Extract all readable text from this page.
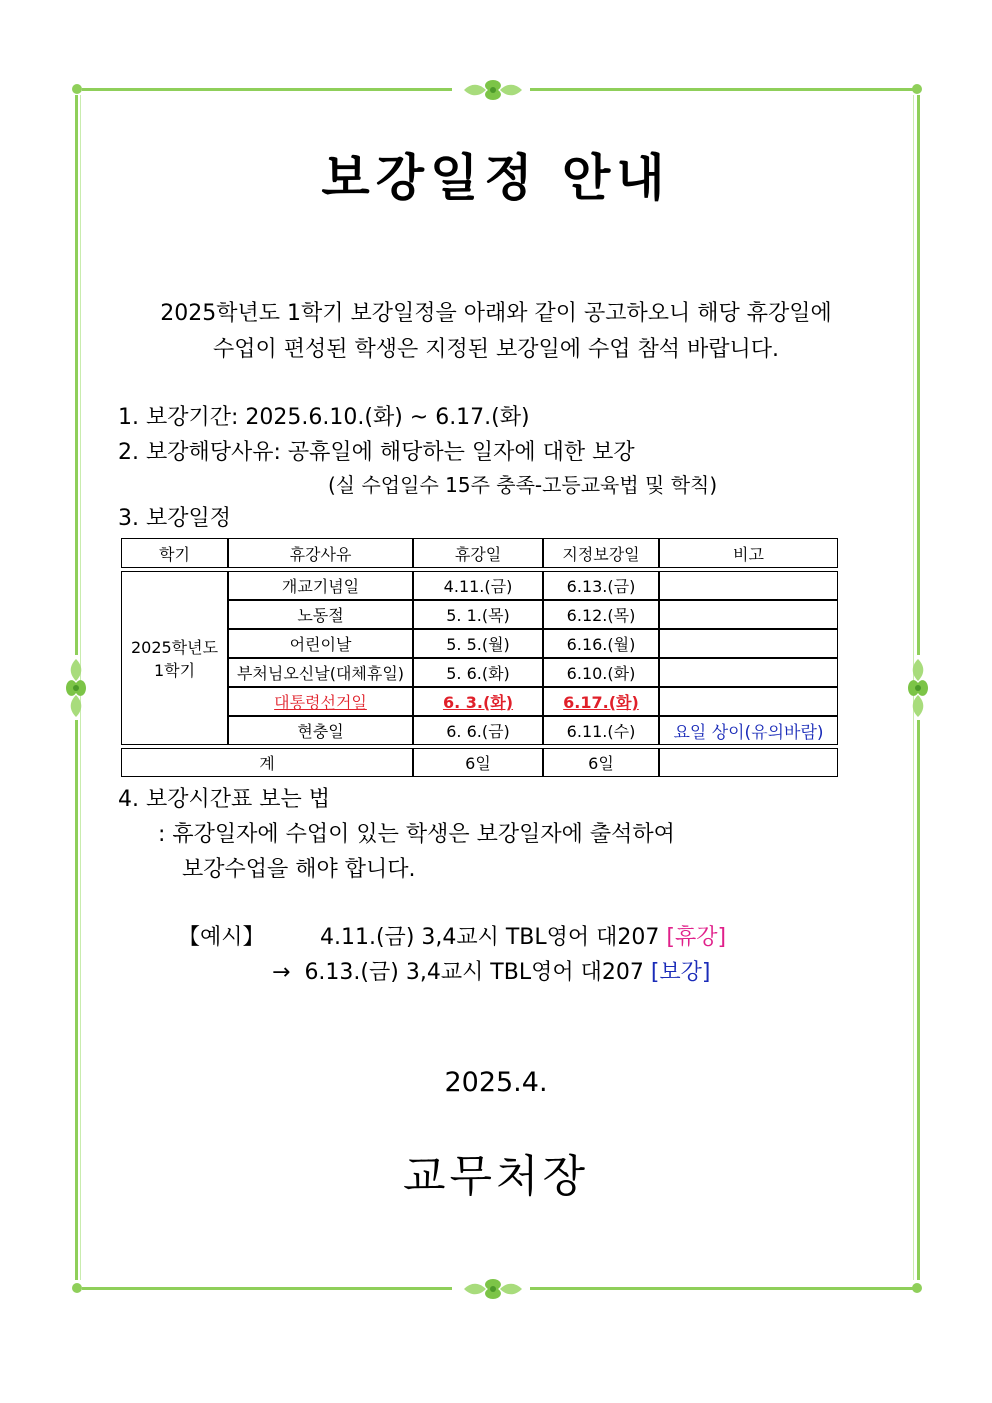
보강일정 안내
2025학년도 1학기 보강일정을 아래와 같이 공고하오니 해당 휴강일에
수업이 편성된 학생은 지정된 보강일에 수업 참석 바랍니다.
1. 보강기간: 2025.6.10.(화) ~ 6.17.(화)
2. 보강해당사유: 공휴일에 해당하는 일자에 대한 보강
(실 수업일수 15주 충족-고등교육법 및 학칙)
3. 보강일정
학기	휴강사유	휴강일	지정보강일	비고

2025학년도
1학기	개교기념일	4.11.(금)	6.13.(금)	
	노동절	5. 1.(목)	6.12.(목)	
	어린이날	5. 5.(월)	6.16.(월)	
	부처님오신날(대체휴일)	5. 6.(화)	6.10.(화)	
	대통령선거일	6. 3.(화)	6.17.(화)	
	현충일	6. 6.(금)	6.11.(수)	요일 상이(유의바람)

계		6일	6일	
4. 보강시간표 보는 법
: 휴강일자에 수업이 있는 학생은 보강일자에 출석하여
보강수업을 해야 합니다.
【예시】	4.11.(금) 3,4교시 TBL영어 대207 [휴강]
→ 6.13.(금) 3,4교시 TBL영어 대207 [보강]
2025.4.
교무처장
